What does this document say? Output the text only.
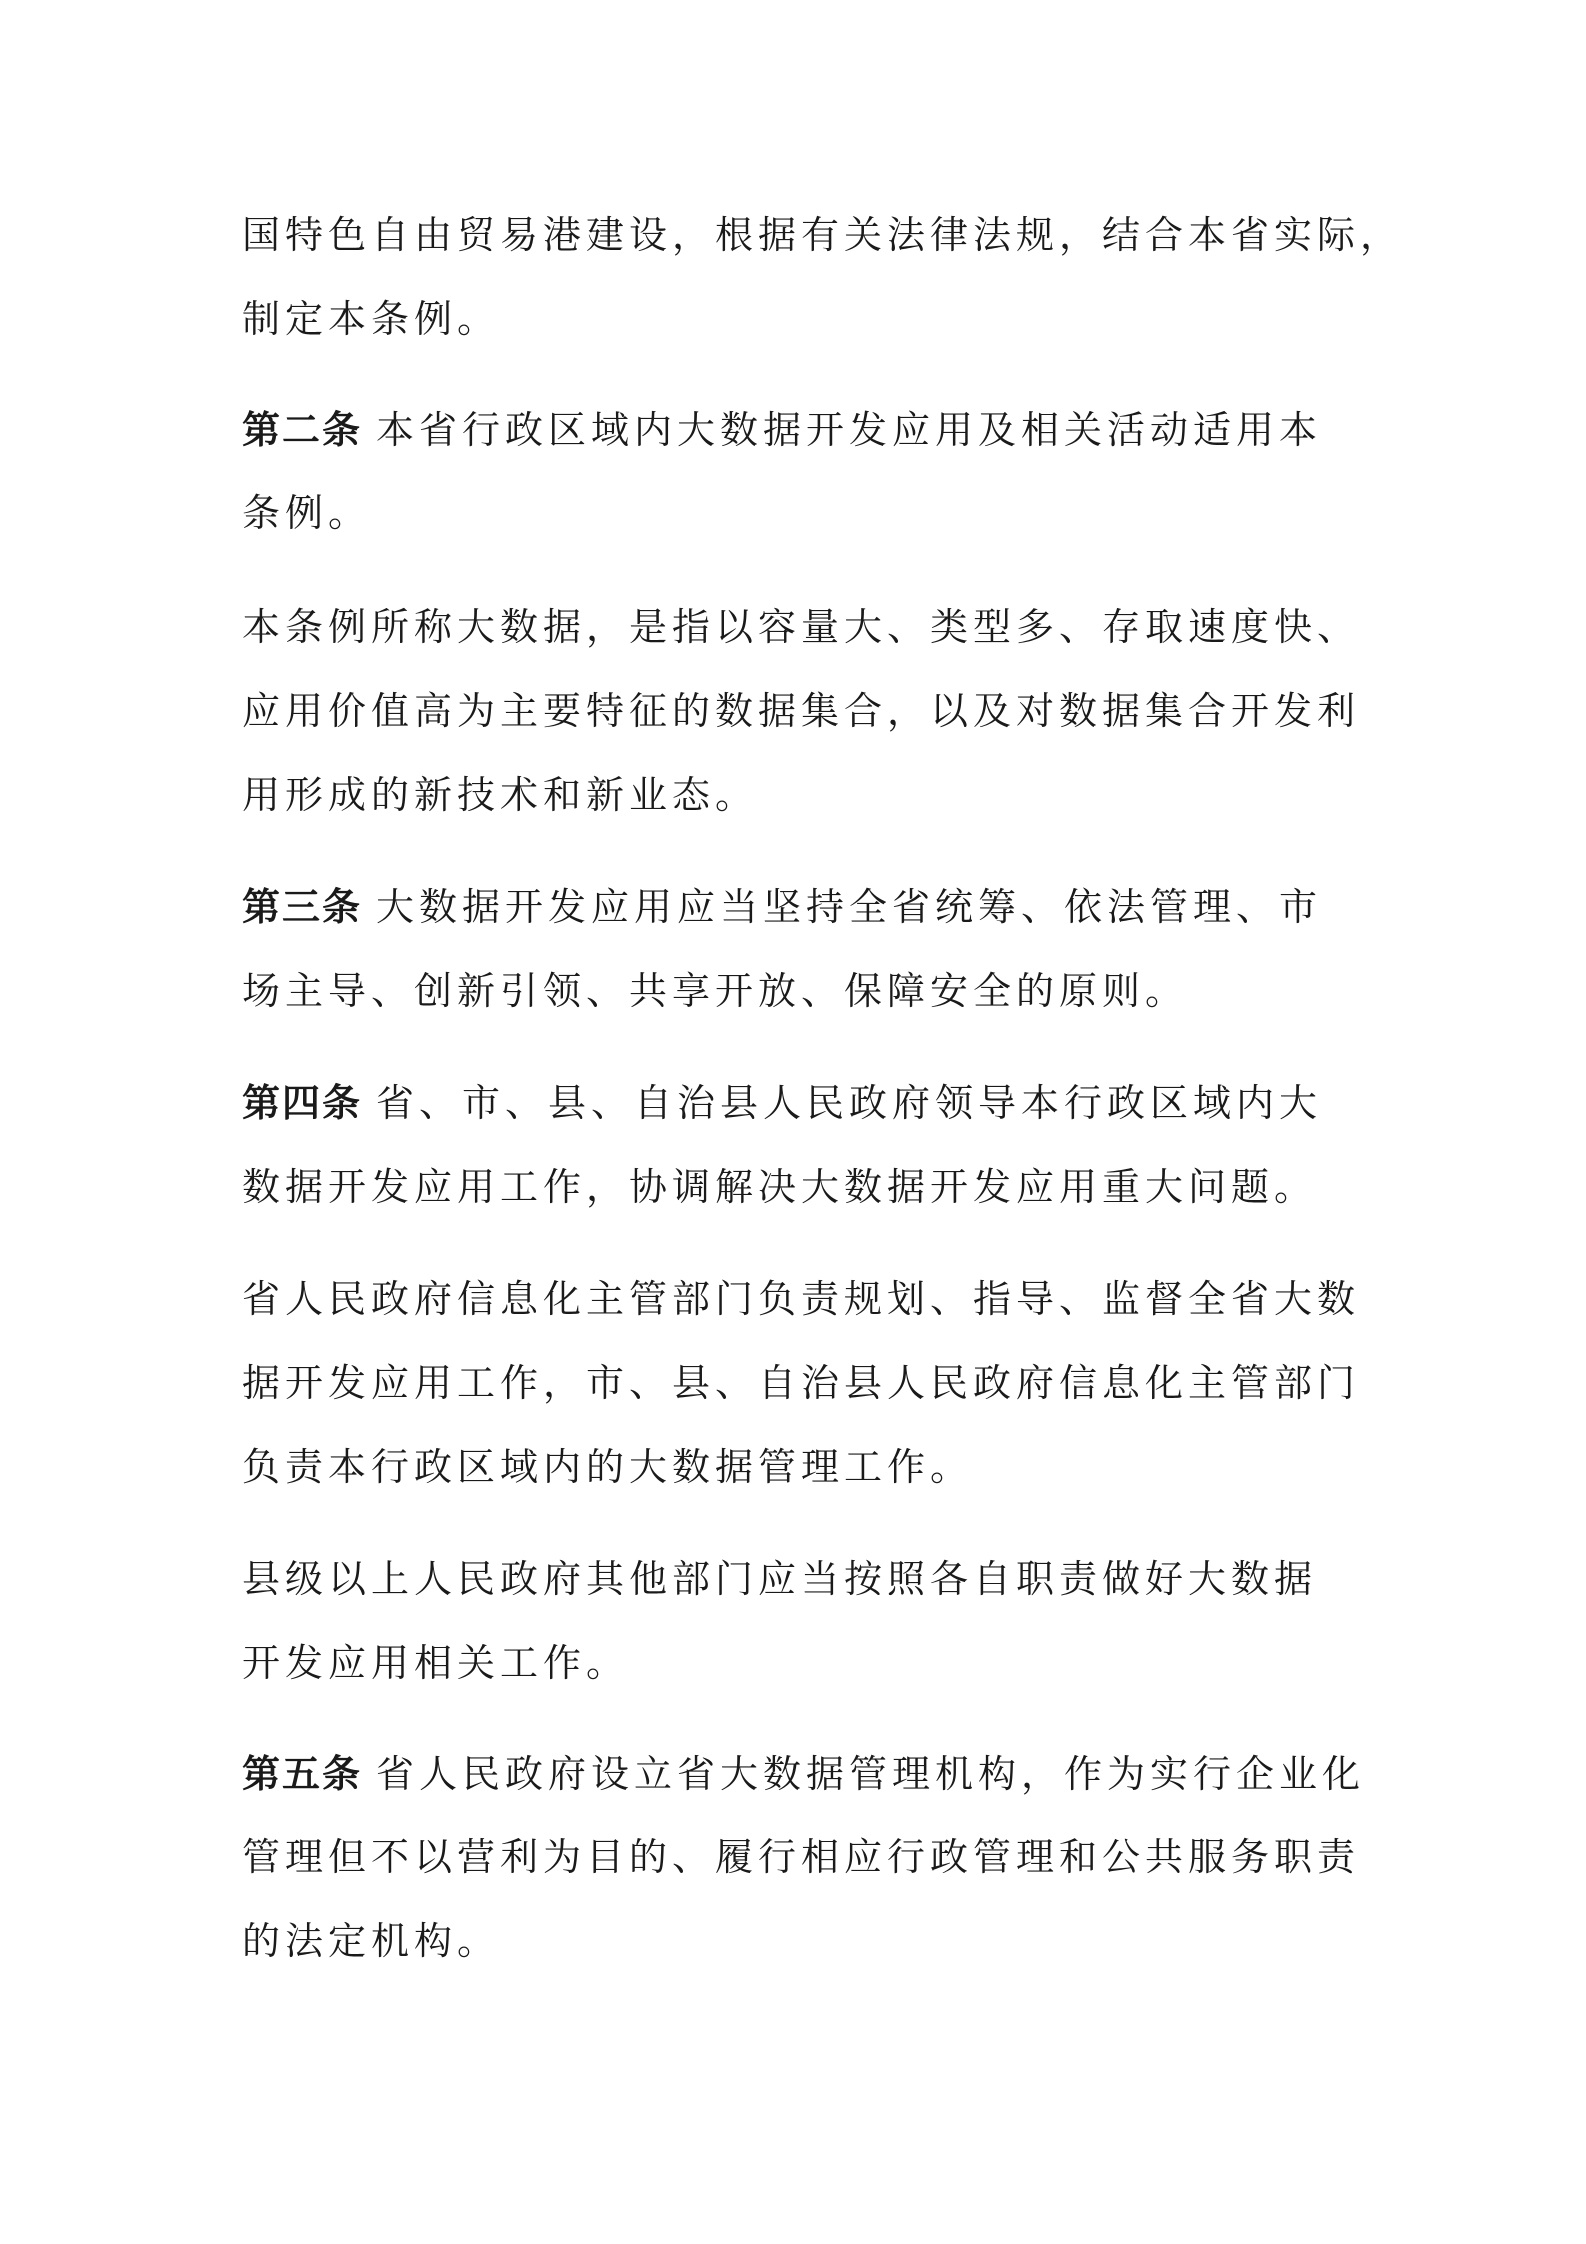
国特色自由贸易港建设，根据有关法律法规，结合本省实际，
制定本条例。
第二条 本省行政区域内大数据开发应用及相关活动适用本
条例。
本条例所称大数据，是指以容量大、类型多、存取速度快、
应用价值高为主要特征的数据集合，以及对数据集合开发利
用形成的新技术和新业态。
第三条 大数据开发应用应当坚持全省统筹、依法管理、市
场主导、创新引领、共享开放、保障安全的原则。
第四条 省、市、县、自治县人民政府领导本行政区域内大
数据开发应用工作，协调解决大数据开发应用重大问题。
省人民政府信息化主管部门负责规划、指导、监督全省大数
据开发应用工作，市、县、自治县人民政府信息化主管部门
负责本行政区域内的大数据管理工作。
县级以上人民政府其他部门应当按照各自职责做好大数据
开发应用相关工作。
第五条 省人民政府设立省大数据管理机构，作为实行企业化
管理但不以营利为目的、履行相应行政管理和公共服务职责
的法定机构。
